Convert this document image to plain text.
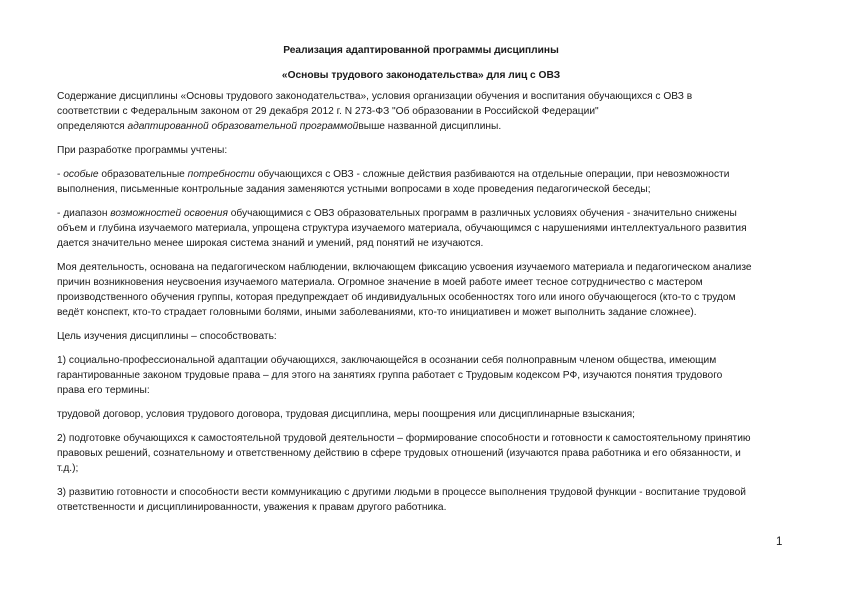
Реализация адаптированной программы дисциплины
«Основы трудового законодательства» для лиц с ОВЗ

Содержание дисциплины «Основы трудового законодательства», условия организации обучения и воспитания обучающихся с ОВЗ в
соответствии с Федеральным законом от 29 декабря 2012 г. N 273-ФЗ "Об образовании в Российской Федерации"
определяются адаптированной образовательной программойвыше названной дисциплины.

При разработке программы учтены:

- особые образовательные потребности обучающихся с ОВЗ - сложные действия разбиваются на отдельные операции, при невозможности
выполнения, письменные контрольные задания заменяются устными вопросами в ходе проведения педагогической беседы;

- диапазон возможностей освоения обучающимися с ОВЗ образовательных программ в различных условиях обучения - значительно снижены
объем и глубина изучаемого материала, упрощена структура изучаемого материала, обучающимся с нарушениями интеллектуального развития
дается значительно менее широкая система знаний и умений, ряд понятий не изучаются.

Моя деятельность, основана на педагогическом наблюдении, включающем фиксацию усвоения изучаемого материала и педагогическом анализе
причин возникновения неусвоения изучаемого материала. Огромное значение в моей работе имеет тесное сотрудничество с мастером
производственного обучения группы, которая предупреждает об индивидуальных особенностях того или иного обучающегося (кто-то с трудом
ведёт конспект, кто-то страдает головными болями, иными заболеваниями, кто-то инициативен и может выполнить задание сложнее).

Цель изучения дисциплины – способствовать:

1) социально-профессиональной адаптации обучающихся, заключающейся в осознании себя полноправным членом общества, имеющим
гарантированные законом трудовые права – для этого на занятиях группа работает с Трудовым кодексом РФ, изучаются понятия трудового
права его термины:

трудовой договор, условия трудового договора, трудовая дисциплина, меры поощрения или дисциплинарные взыскания;

2) подготовке обучающихся к самостоятельной трудовой деятельности – формирование способности и готовности к самостоятельному принятию
правовых решений, сознательному и ответственному действию в сфере трудовых отношений (изучаются права работника и его обязанности, и
т.д.);

3) развитию готовности и способности вести коммуникацию с другими людьми в процессе выполнения трудовой функции - воспитание трудовой
ответственности и дисциплинированности, уважения к правам другого работника.

1
